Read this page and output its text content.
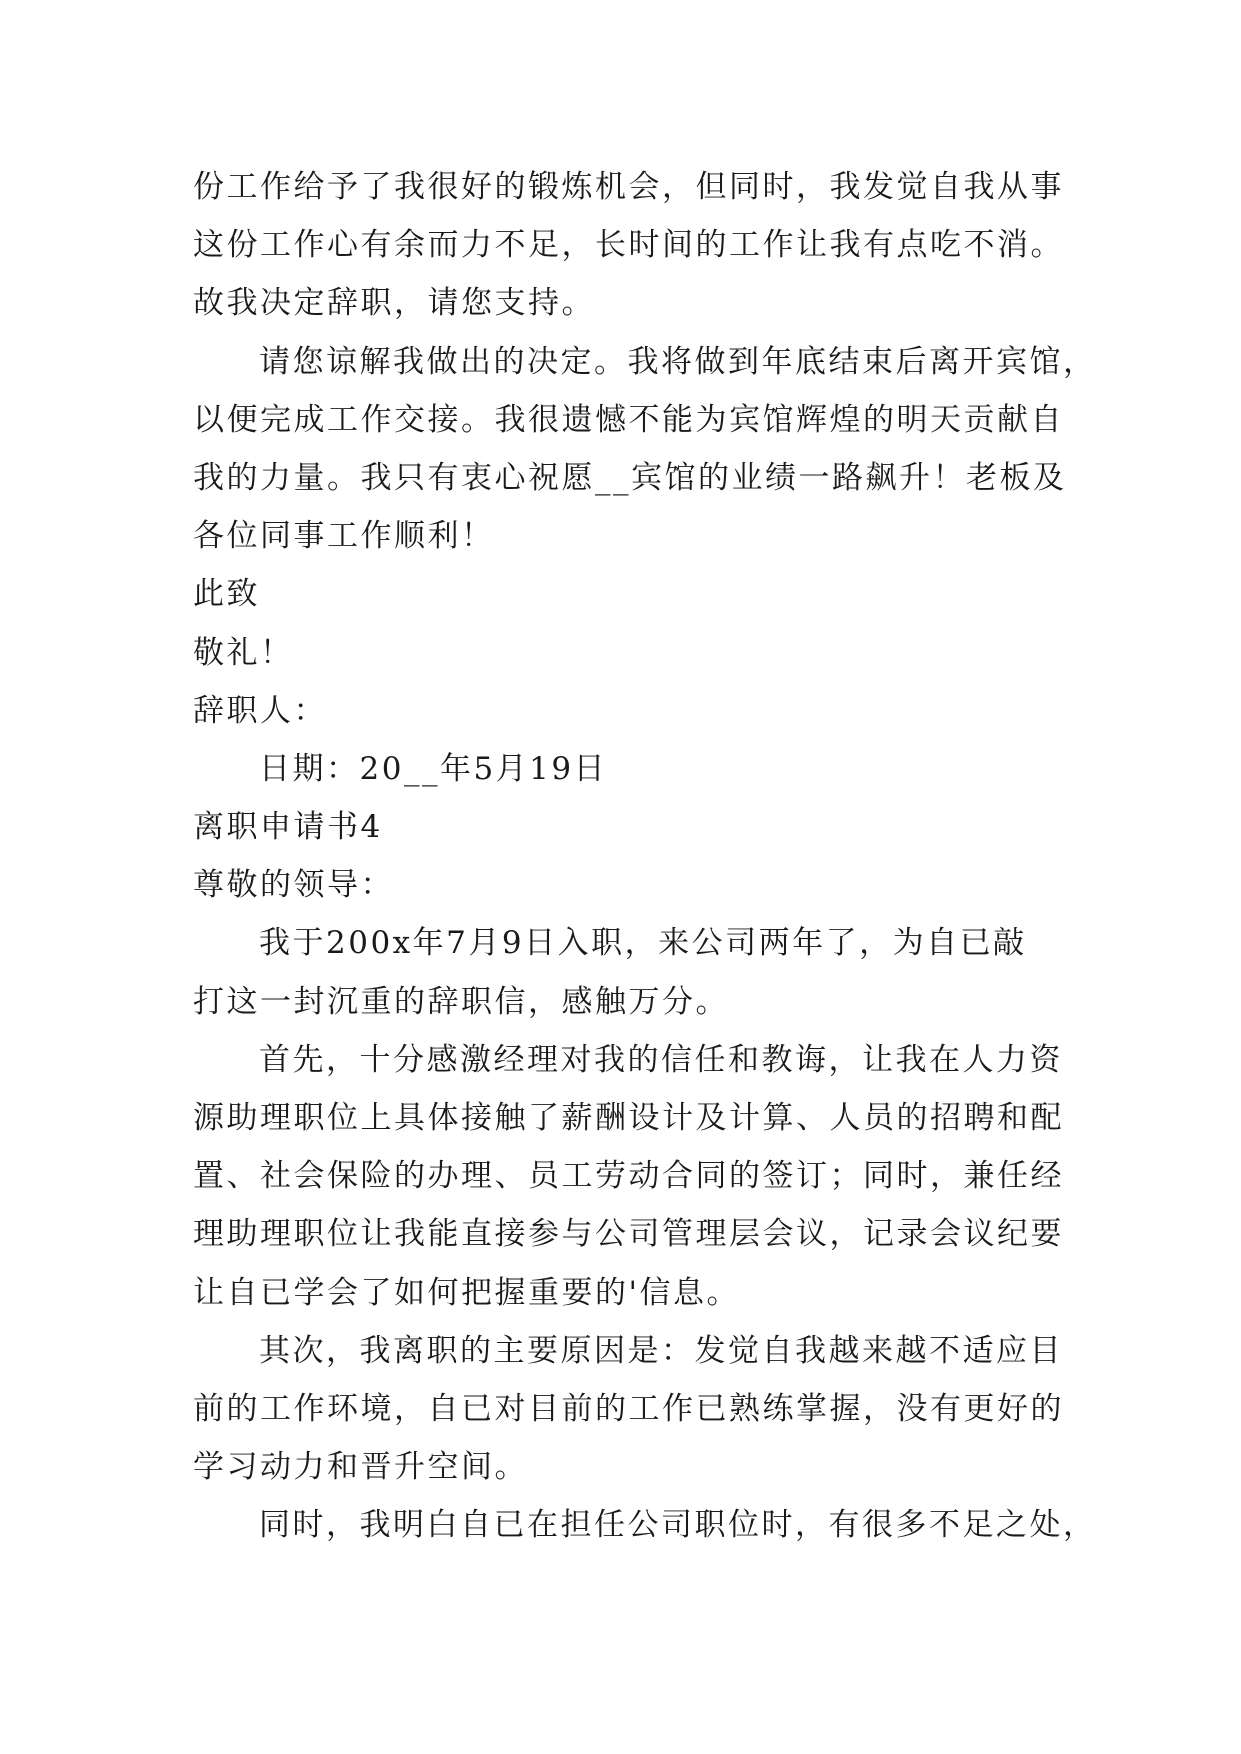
份工作给予了我很好的锻炼机会，但同时，我发觉自我从事
这份工作心有余而力不足，长时间的工作让我有点吃不消。
故我决定辞职，请您支持。
请您谅解我做出的决定。我将做到年底结束后离开宾馆，
以便完成工作交接。我很遗憾不能为宾馆辉煌的明天贡献自
我的力量。我只有衷心祝愿__宾馆的业绩一路飙升！老板及
各位同事工作顺利！
此致
敬礼！
辞职人：
日期：20__年5月19日
离职申请书4
尊敬的领导：
我于200x年7月9日入职，来公司两年了，为自已敲
打这一封沉重的辞职信，感触万分。
首先，十分感激经理对我的信任和教诲，让我在人力资
源助理职位上具体接触了薪酬设计及计算、人员的招聘和配
置、社会保险的办理、员工劳动合同的签订；同时，兼任经
理助理职位让我能直接参与公司管理层会议，记录会议纪要
让自已学会了如何把握重要的'信息。
其次，我离职的主要原因是：发觉自我越来越不适应目
前的工作环境，自已对目前的工作已熟练掌握，没有更好的
学习动力和晋升空间。
同时，我明白自已在担任公司职位时，有很多不足之处，
